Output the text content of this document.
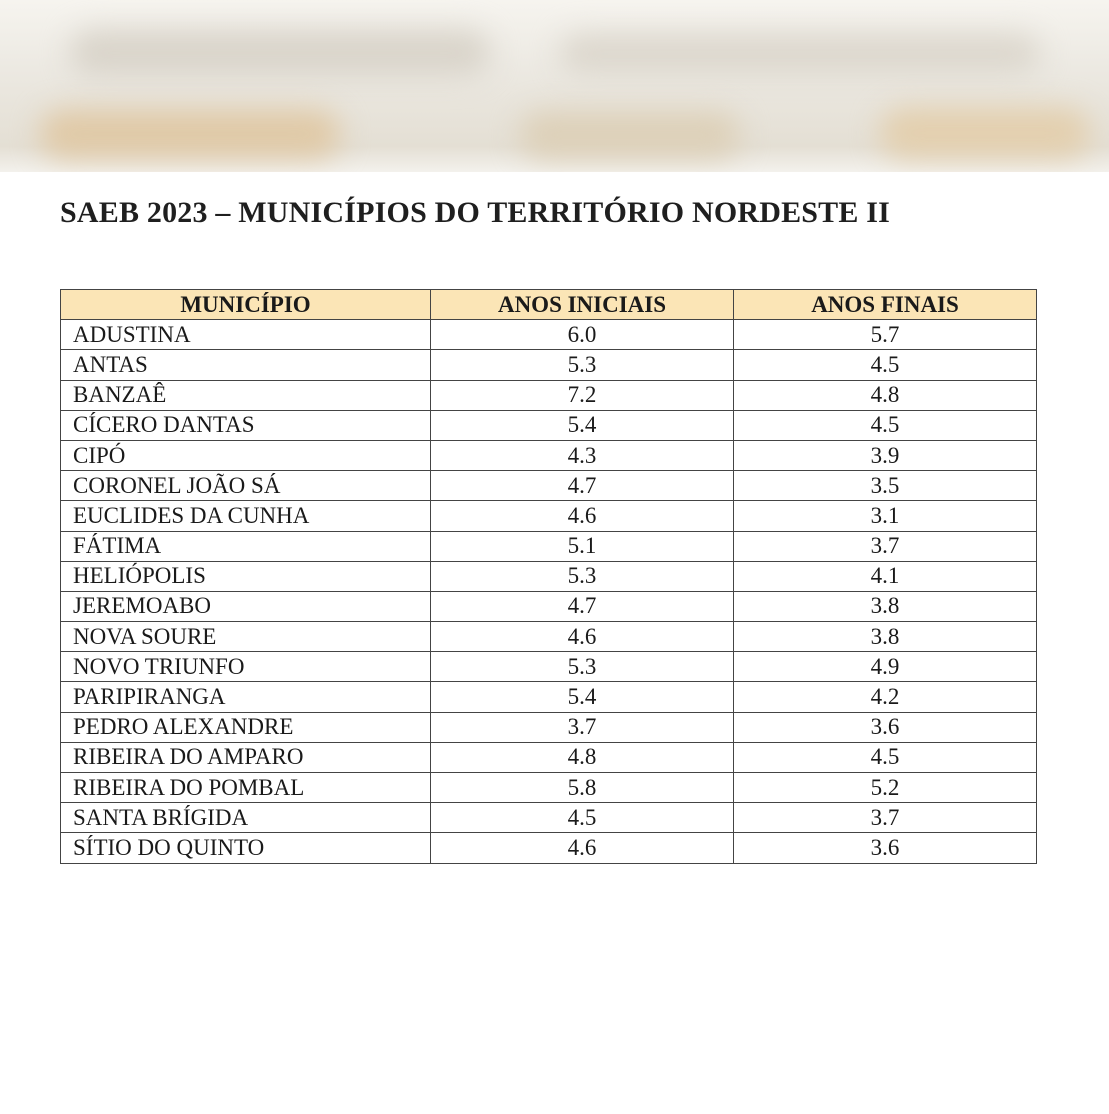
SAEB 2023 – MUNICÍPIOS DO TERRITÓRIO NORDESTE II
MUNICÍPIO	ANOS INICIAIS	ANOS FINAIS
ADUSTINA	6.0	5.7
ANTAS	5.3	4.5
BANZAÊ	7.2	4.8
CÍCERO DANTAS	5.4	4.5
CIPÓ	4.3	3.9
CORONEL JOÃO SÁ	4.7	3.5
EUCLIDES DA CUNHA	4.6	3.1
FÁTIMA	5.1	3.7
HELIÓPOLIS	5.3	4.1
JEREMOABO	4.7	3.8
NOVA SOURE	4.6	3.8
NOVO TRIUNFO	5.3	4.9
PARIPIRANGA	5.4	4.2
PEDRO ALEXANDRE	3.7	3.6
RIBEIRA DO AMPARO	4.8	4.5
RIBEIRA DO POMBAL	5.8	5.2
SANTA BRÍGIDA	4.5	3.7
SÍTIO DO QUINTO	4.6	3.6
